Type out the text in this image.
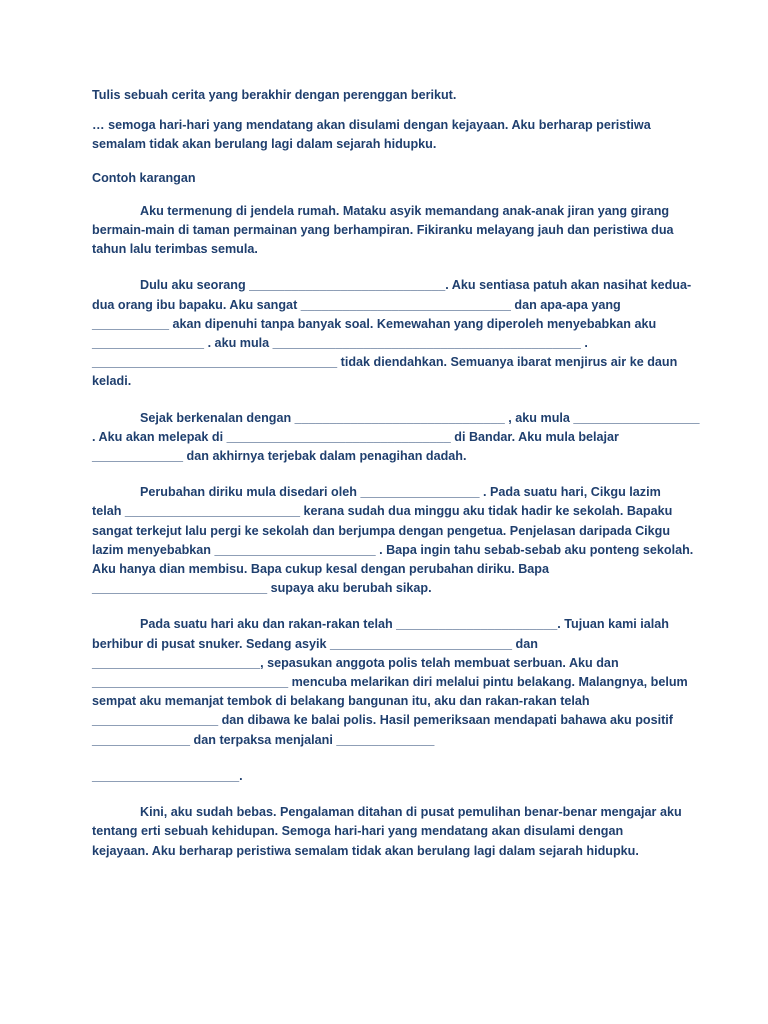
Tulis sebuah cerita yang berakhir dengan perenggan berikut.

… semoga hari-hari yang mendatang akan disulami dengan kejayaan. Aku berharap peristiwa
semalam tidak akan berulang lagi dalam sejarah hidupku.

Contoh karangan

Aku termenung di jendela rumah. Mataku asyik memandang anak-anak jiran yang girang
bermain-main di taman permainan yang berhampiran. Fikiranku melayang jauh dan peristiwa dua
tahun lalu terimbas semula.

Dulu aku seorang ____________________________. Aku sentiasa patuh akan nasihat kedua-
dua orang ibu bapaku. Aku sangat ______________________________ dan apa-apa yang
___________ akan dipenuhi tanpa banyak soal. Kemewahan yang diperoleh menyebabkan aku
________________ . aku mula ____________________________________________ .
___________________________________ tidak diendahkan. Semuanya ibarat menjirus air ke daun
keladi.

Sejak berkenalan dengan ______________________________ , aku mula __________________
. Aku akan melepak di ________________________________ di Bandar. Aku mula belajar
_____________ dan akhirnya terjebak dalam penagihan dadah.

Perubahan diriku mula disedari oleh _________________ . Pada suatu hari, Cikgu lazim
telah _________________________ kerana sudah dua minggu aku tidak hadir ke sekolah. Bapaku
sangat terkejut lalu pergi ke sekolah dan berjumpa dengan pengetua. Penjelasan daripada Cikgu
lazim menyebabkan _______________________ . Bapa ingin tahu sebab-sebab aku ponteng sekolah.
Aku hanya dian membisu. Bapa cukup kesal dengan perubahan diriku. Bapa
_________________________ supaya aku berubah sikap.

Pada suatu hari aku dan rakan-rakan telah _______________________. Tujuan kami ialah
berhibur di pusat snuker. Sedang asyik __________________________ dan
________________________, sepasukan anggota polis telah membuat serbuan. Aku dan
____________________________ mencuba melarikan diri melalui pintu belakang. Malangnya, belum
sempat aku memanjat tembok di belakang bangunan itu, aku dan rakan-rakan telah
__________________ dan dibawa ke balai polis. Hasil pemeriksaan mendapati bahawa aku positif
______________ dan terpaksa menjalani ______________

_____________________.

Kini, aku sudah bebas. Pengalaman ditahan di pusat pemulihan benar-benar mengajar aku
tentang erti sebuah kehidupan. Semoga hari-hari yang mendatang akan disulami dengan
kejayaan. Aku berharap peristiwa semalam tidak akan berulang lagi dalam sejarah hidupku.
